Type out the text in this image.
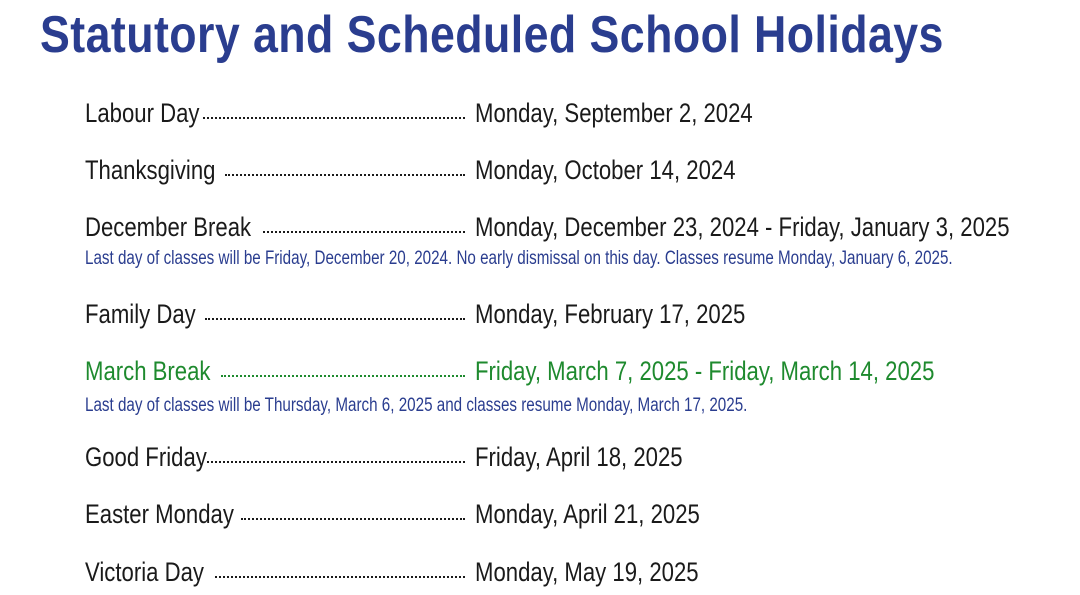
Statutory and Scheduled School Holidays
Labour Day	Monday, September 2, 2024
Thanksgiving	Monday, October 14, 2024
December Break	Monday, December 23, 2024 - Friday, January 3, 2025
Last day of classes will be Friday, December 20, 2024. No early dismissal on this day. Classes resume Monday, January 6, 2025.
Family Day	Monday, February 17, 2025
March Break	Friday, March 7, 2025 - Friday, March 14, 2025
Last day of classes will be Thursday, March 6, 2025 and classes resume Monday, March 17, 2025.
Good Friday	Friday, April 18, 2025
Easter Monday	Monday, April 21, 2025
Victoria Day	Monday, May 19, 2025
